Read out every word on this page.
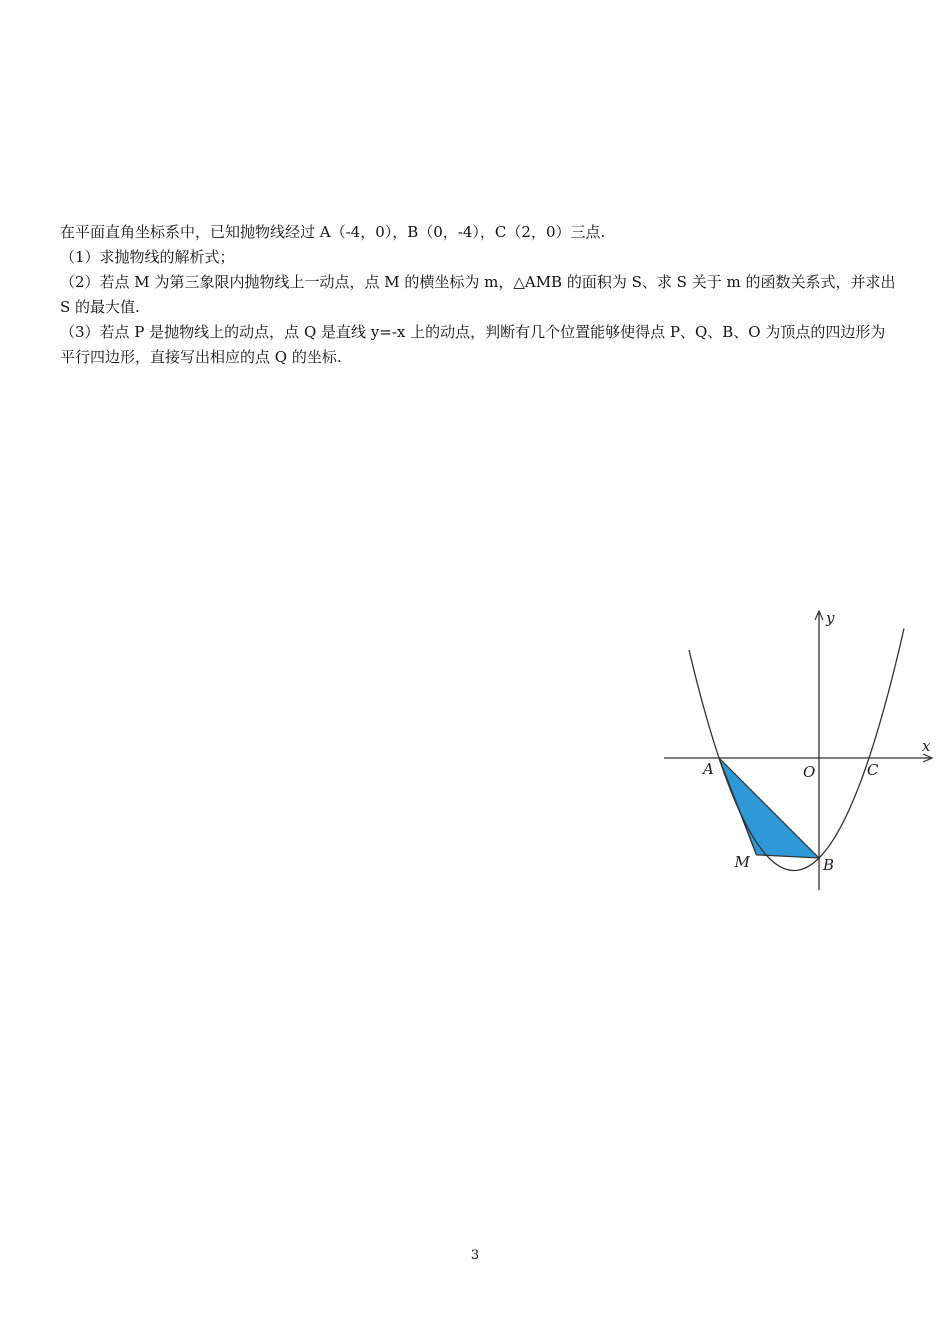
在平面直角坐标系中，已知抛物线经过 A（-4，0），B（0，-4），C（2，0）三点.

（1）求抛物线的解析式；

（2）若点 M 为第三象限内抛物线上一动点，点 M 的横坐标为 m，△AMB 的面积为 S、求 S 关于 m 的函数关系式，并求出 S 的最大值.

（3）若点 P 是抛物线上的动点，点 Q 是直线 y=-x 上的动点，判断有几个位置能够使得点 P、Q、B、O 为顶点的四边形为平行四边形，直接写出相应的点 Q 的坐标.

x
y
O
A
B
C
M
3
